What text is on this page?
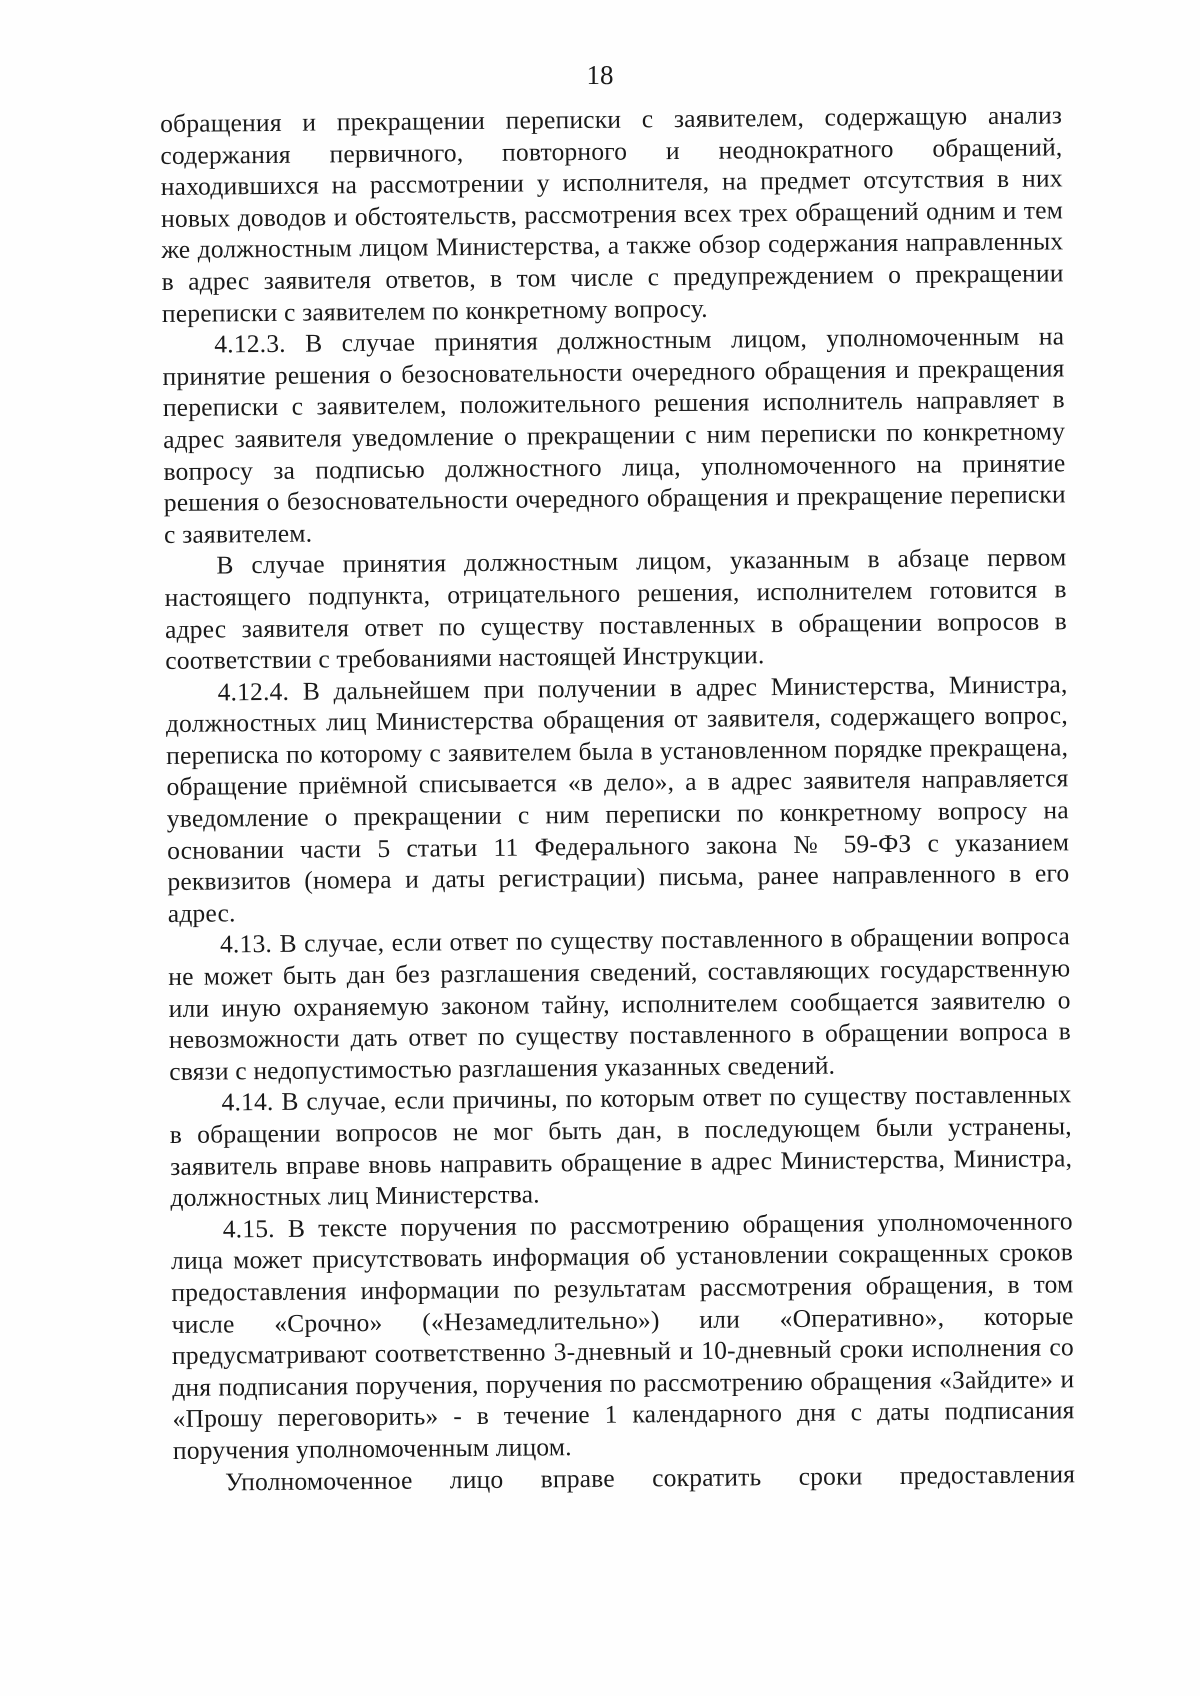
18

обращения и прекращении переписки с заявителем, содержащую анализ содержания первичного, повторного и неоднократного обращений, находившихся на рассмотрении у исполнителя, на предмет отсутствия в них новых доводов и обстоятельств, рассмотрения всех трех обращений одним и тем же должностным лицом Министерства, а также обзор содержания направленных в адрес заявителя ответов, в том числе с предупреждением о прекращении переписки с заявителем по конкретному вопросу.

4.12.3. В случае принятия должностным лицом, уполномоченным на принятие решения о безосновательности очередного обращения и прекращения переписки с заявителем, положительного решения исполнитель направляет в адрес заявителя уведомление о прекращении с ним переписки по конкретному вопросу за подписью должностного лица, уполномоченного на принятие решения о безосновательности очередного обращения и прекращение переписки с заявителем.

В случае принятия должностным лицом, указанным в абзаце первом настоящего подпункта, отрицательного решения, исполнителем готовится в адрес заявителя ответ по существу поставленных в обращении вопросов в соответствии с требованиями настоящей Инструкции.

4.12.4. В дальнейшем при получении в адрес Министерства, Министра, должностных лиц Министерства обращения от заявителя, содержащего вопрос, переписка по которому с заявителем была в установленном порядке прекращена, обращение приёмной списывается «в дело», а в адрес заявителя направляется уведомление о прекращении с ним переписки по конкретному вопросу на основании части 5 статьи 11 Федерального закона № 59-ФЗ с указанием реквизитов (номера и даты регистрации) письма, ранее направленного в его адрес.

4.13. В случае, если ответ по существу поставленного в обращении вопроса не может быть дан без разглашения сведений, составляющих государственную или иную охраняемую законом тайну, исполнителем сообщается заявителю о невозможности дать ответ по существу поставленного в обращении вопроса в связи с недопустимостью разглашения указанных сведений.

4.14. В случае, если причины, по которым ответ по существу поставленных в обращении вопросов не мог быть дан, в последующем были устранены, заявитель вправе вновь направить обращение в адрес Министерства, Министра, должностных лиц Министерства.

4.15. В тексте поручения по рассмотрению обращения уполномоченного лица может присутствовать информация об установлении сокращенных сроков предоставления информации по результатам рассмотрения обращения, в том числе «Срочно» («Незамедлительно») или «Оперативно», которые предусматривают соответственно 3-дневный и 10-дневный сроки исполнения со дня подписания поручения, поручения по рассмотрению обращения «Зайдите» и «Прошу переговорить» - в течение 1 календарного дня с даты подписания поручения уполномоченным лицом.

Уполномоченное лицо вправе сократить сроки предоставления
